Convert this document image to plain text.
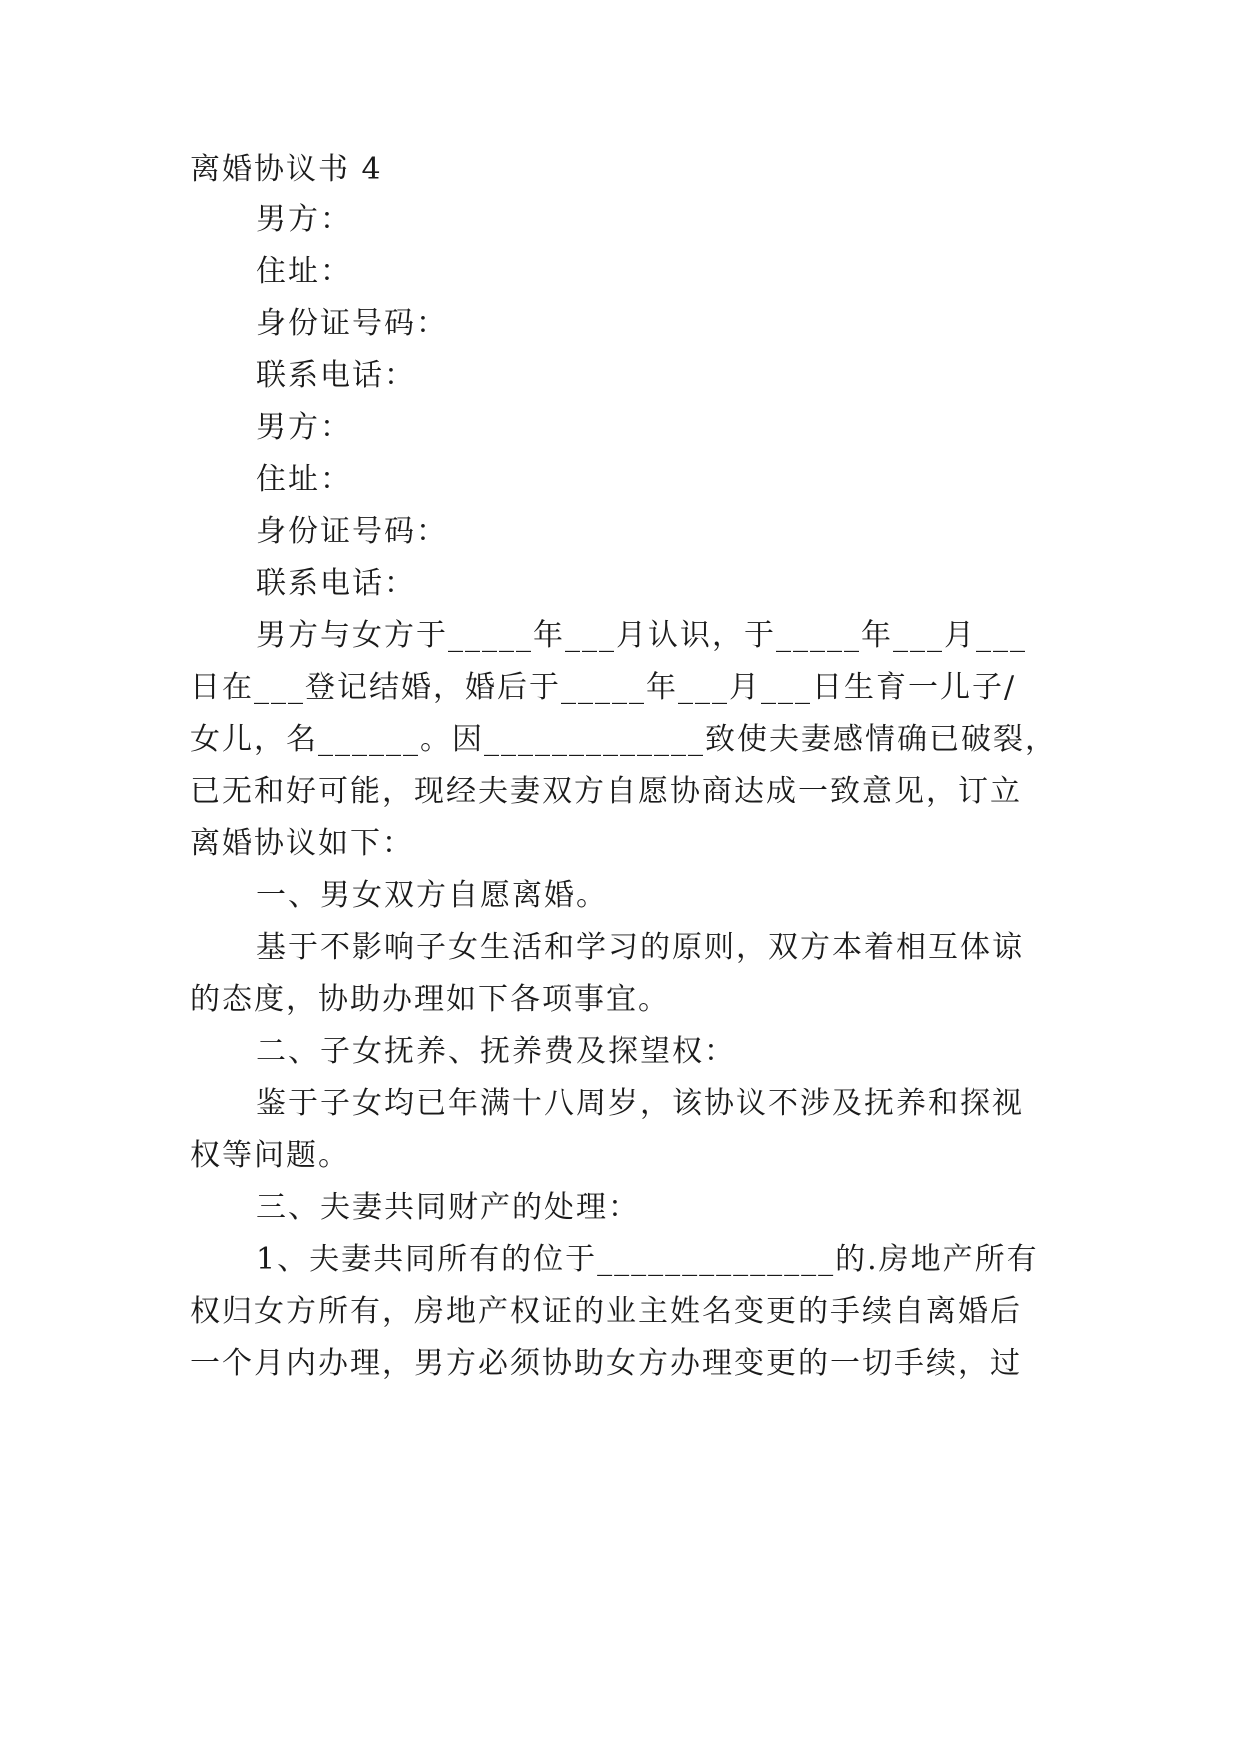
离婚协议书 4
男方：
住址：
身份证号码：
联系电话：
男方：
住址：
身份证号码：
联系电话：
男方与女方于_____年___月认识，于_____年___月___
日在___登记结婚，婚后于_____年___月___日生育一儿子/
女儿，名______。因_____________致使夫妻感情确已破裂，
已无和好可能，现经夫妻双方自愿协商达成一致意见，订立
离婚协议如下：
一、男女双方自愿离婚。
基于不影响子女生活和学习的原则，双方本着相互体谅
的态度，协助办理如下各项事宜。
二、子女抚养、抚养费及探望权：
鉴于子女均已年满十八周岁，该协议不涉及抚养和探视
权等问题。
三、夫妻共同财产的处理：
1、夫妻共同所有的位于______________的.房地产所有
权归女方所有，房地产权证的业主姓名变更的手续自离婚后
一个月内办理，男方必须协助女方办理变更的一切手续，过
